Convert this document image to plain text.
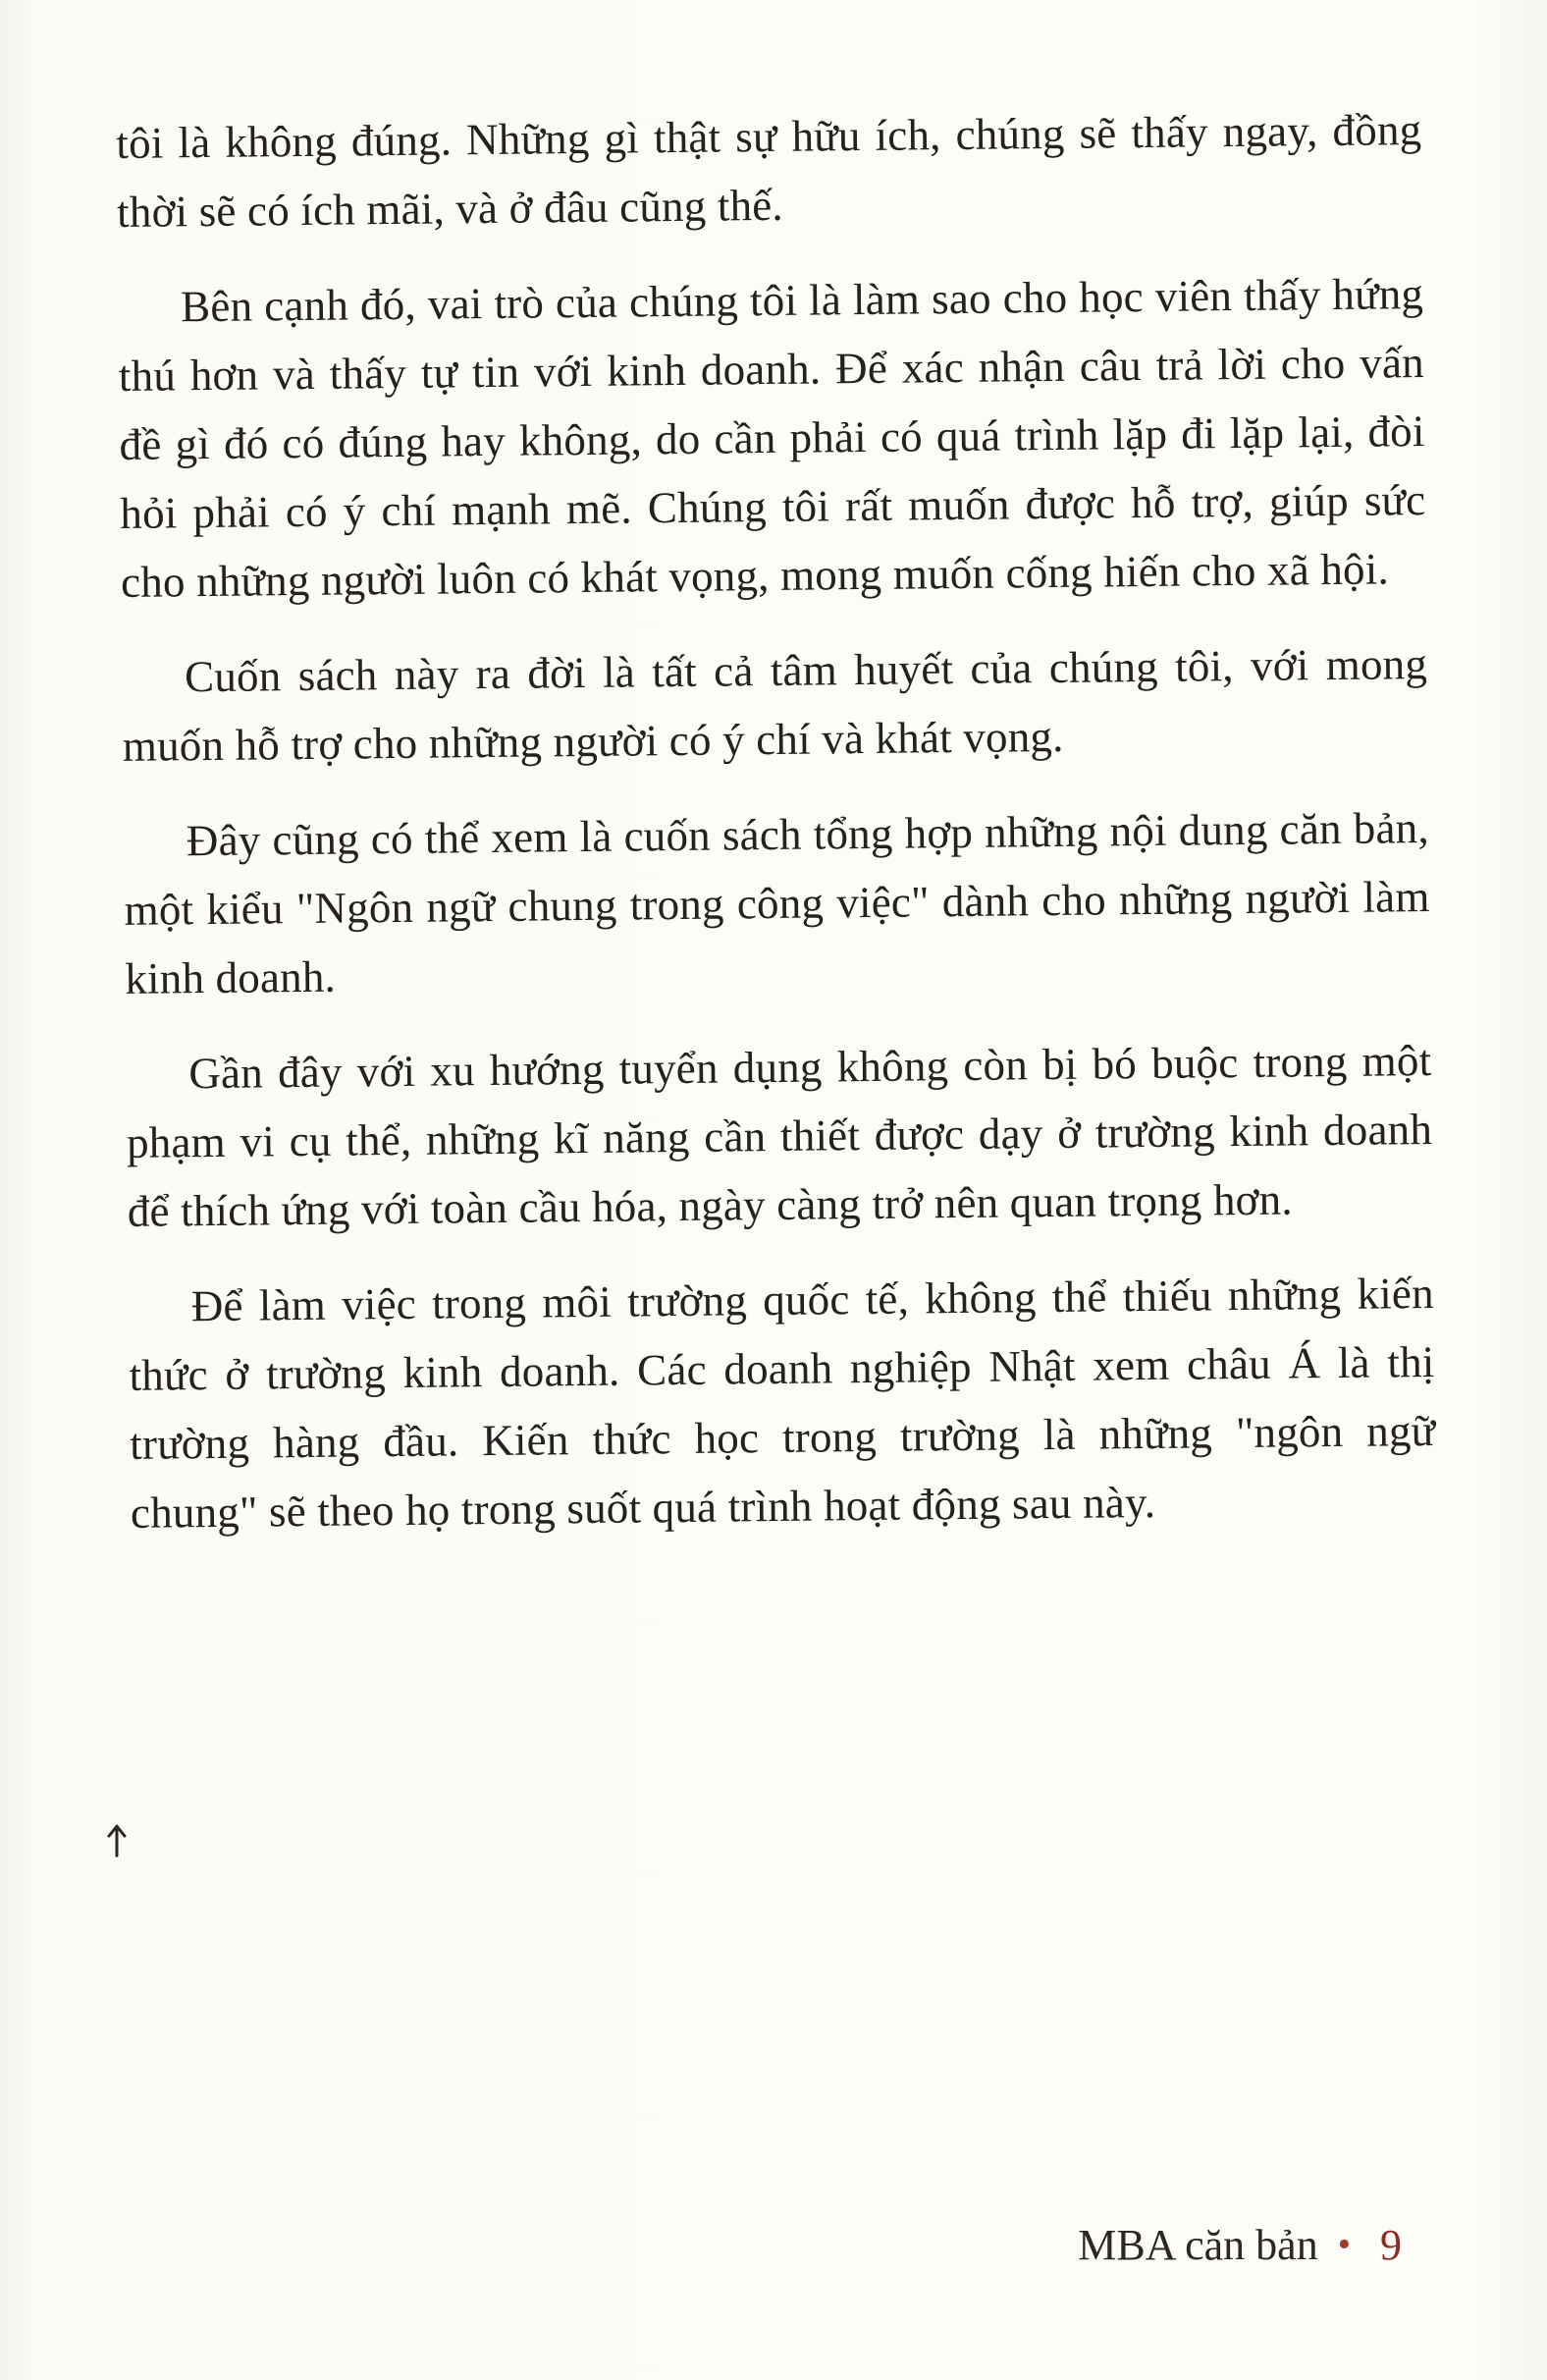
tôi là không đúng. Những gì thật sự hữu ích, chúng sẽ thấy ngay, đồng thời sẽ có ích mãi, và ở đâu cũng thế.

Bên cạnh đó, vai trò của chúng tôi là làm sao cho học viên thấy hứng thú hơn và thấy tự tin với kinh doanh. Để xác nhận câu trả lời cho vấn đề gì đó có đúng hay không, do cần phải có quá trình lặp đi lặp lại, đòi hỏi phải có ý chí mạnh mẽ. Chúng tôi rất muốn được hỗ trợ, giúp sức cho những người luôn có khát vọng, mong muốn cống hiến cho xã hội.

Cuốn sách này ra đời là tất cả tâm huyết của chúng tôi, với mong muốn hỗ trợ cho những người có ý chí và khát vọng.

Đây cũng có thể xem là cuốn sách tổng hợp những nội dung căn bản, một kiểu "Ngôn ngữ chung trong công việc" dành cho những người làm kinh doanh.

Gần đây với xu hướng tuyển dụng không còn bị bó buộc trong một phạm vi cụ thể, những kĩ năng cần thiết được dạy ở trường kinh doanh để thích ứng với toàn cầu hóa, ngày càng trở nên quan trọng hơn.

Để làm việc trong môi trường quốc tế, không thể thiếu những kiến thức ở trường kinh doanh. Các doanh nghiệp Nhật xem châu Á là thị trường hàng đầu. Kiến thức học trong trường là những "ngôn ngữ chung" sẽ theo họ trong suốt quá trình hoạt động sau này.

MBA căn bản • 9
